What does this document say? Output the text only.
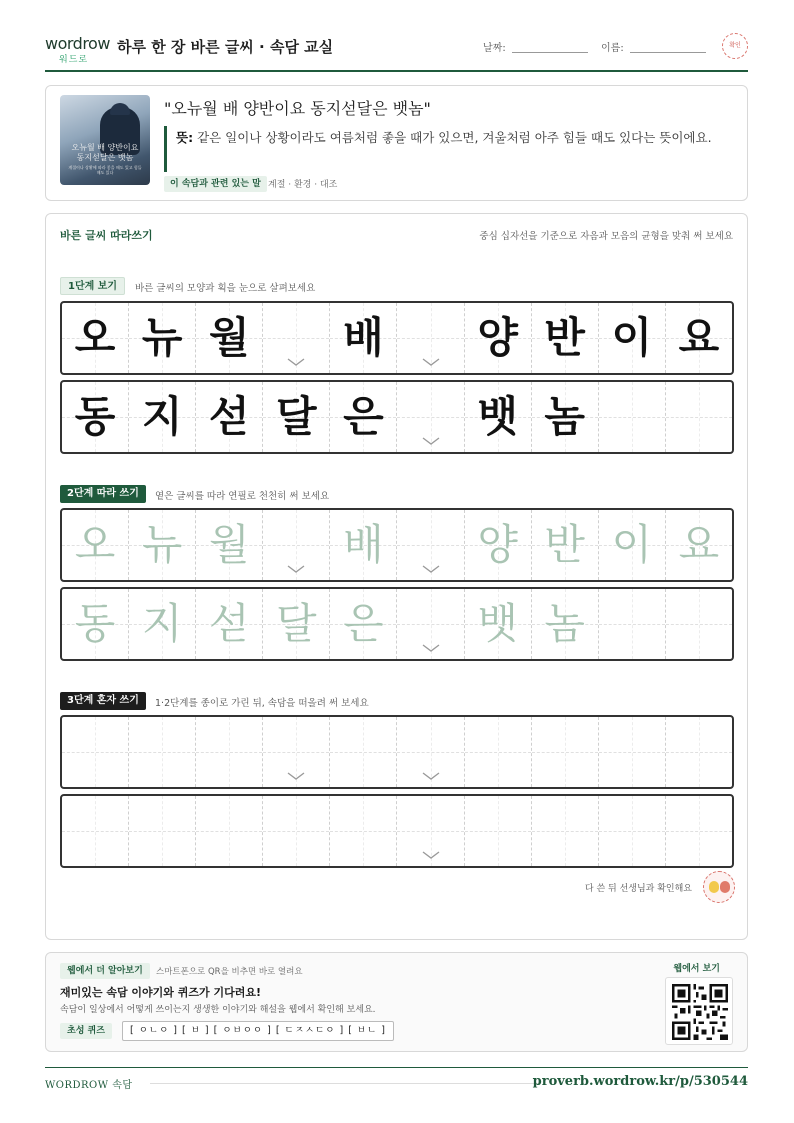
wordrow
워드로
하루 한 장 바른 글씨 · 속담 교실	날짜:	이름:	확인
오뉴월 배 양반이요
동지섣달은 뱃놈
계절이나 상황에 따라 좋을 때도 있고 힘들 때도 있다
"오뉴월 배 양반이요 동지섣달은 뱃놈"
뜻: 같은 일이나 상황이라도 여름처럼 좋을 때가 있으면, 겨울처럼 아주 힘들 때도 있다는 뜻이에요.
이 속담과 관련 있는 말 계절 · 환경 · 대조
바른 글씨 따라쓰기	중심 십자선을 기준으로 자음과 모음의 균형을 맞춰 써 보세요
1단계 보기	바른 글씨의 모양과 획을 눈으로 살펴보세요
오 뉴 월 배 양 반 이 요
동 지 섣 달 은 뱃 놈
2단계 따라 쓰기	옅은 글씨를 따라 연필로 천천히 써 보세요
오 뉴 월 배 양 반 이 요
동 지 섣 달 은 뱃 놈
3단계 혼자 쓰기	1·2단계를 종이로 가린 뒤, 속담을 떠올려 써 보세요
다 쓴 뒤 선생님과 확인해요
웹에서 더 알아보기	스마트폰으로 QR을 비추면 바로 열려요
재미있는 속담 이야기와 퀴즈가 기다려요!
속담이 일상에서 어떻게 쓰이는지 생생한 이야기와 해설을 웹에서 확인해 보세요.
초성 퀴즈	[ ㅇㄴㅇ ] [ ㅂ ] [ ㅇㅂㅇㅇ ] [ ㄷㅈㅅㄷㅇ ] [ ㅂㄴ ]
웹에서 보기
WORDROW 속담	proverb.wordrow.kr/p/530544
